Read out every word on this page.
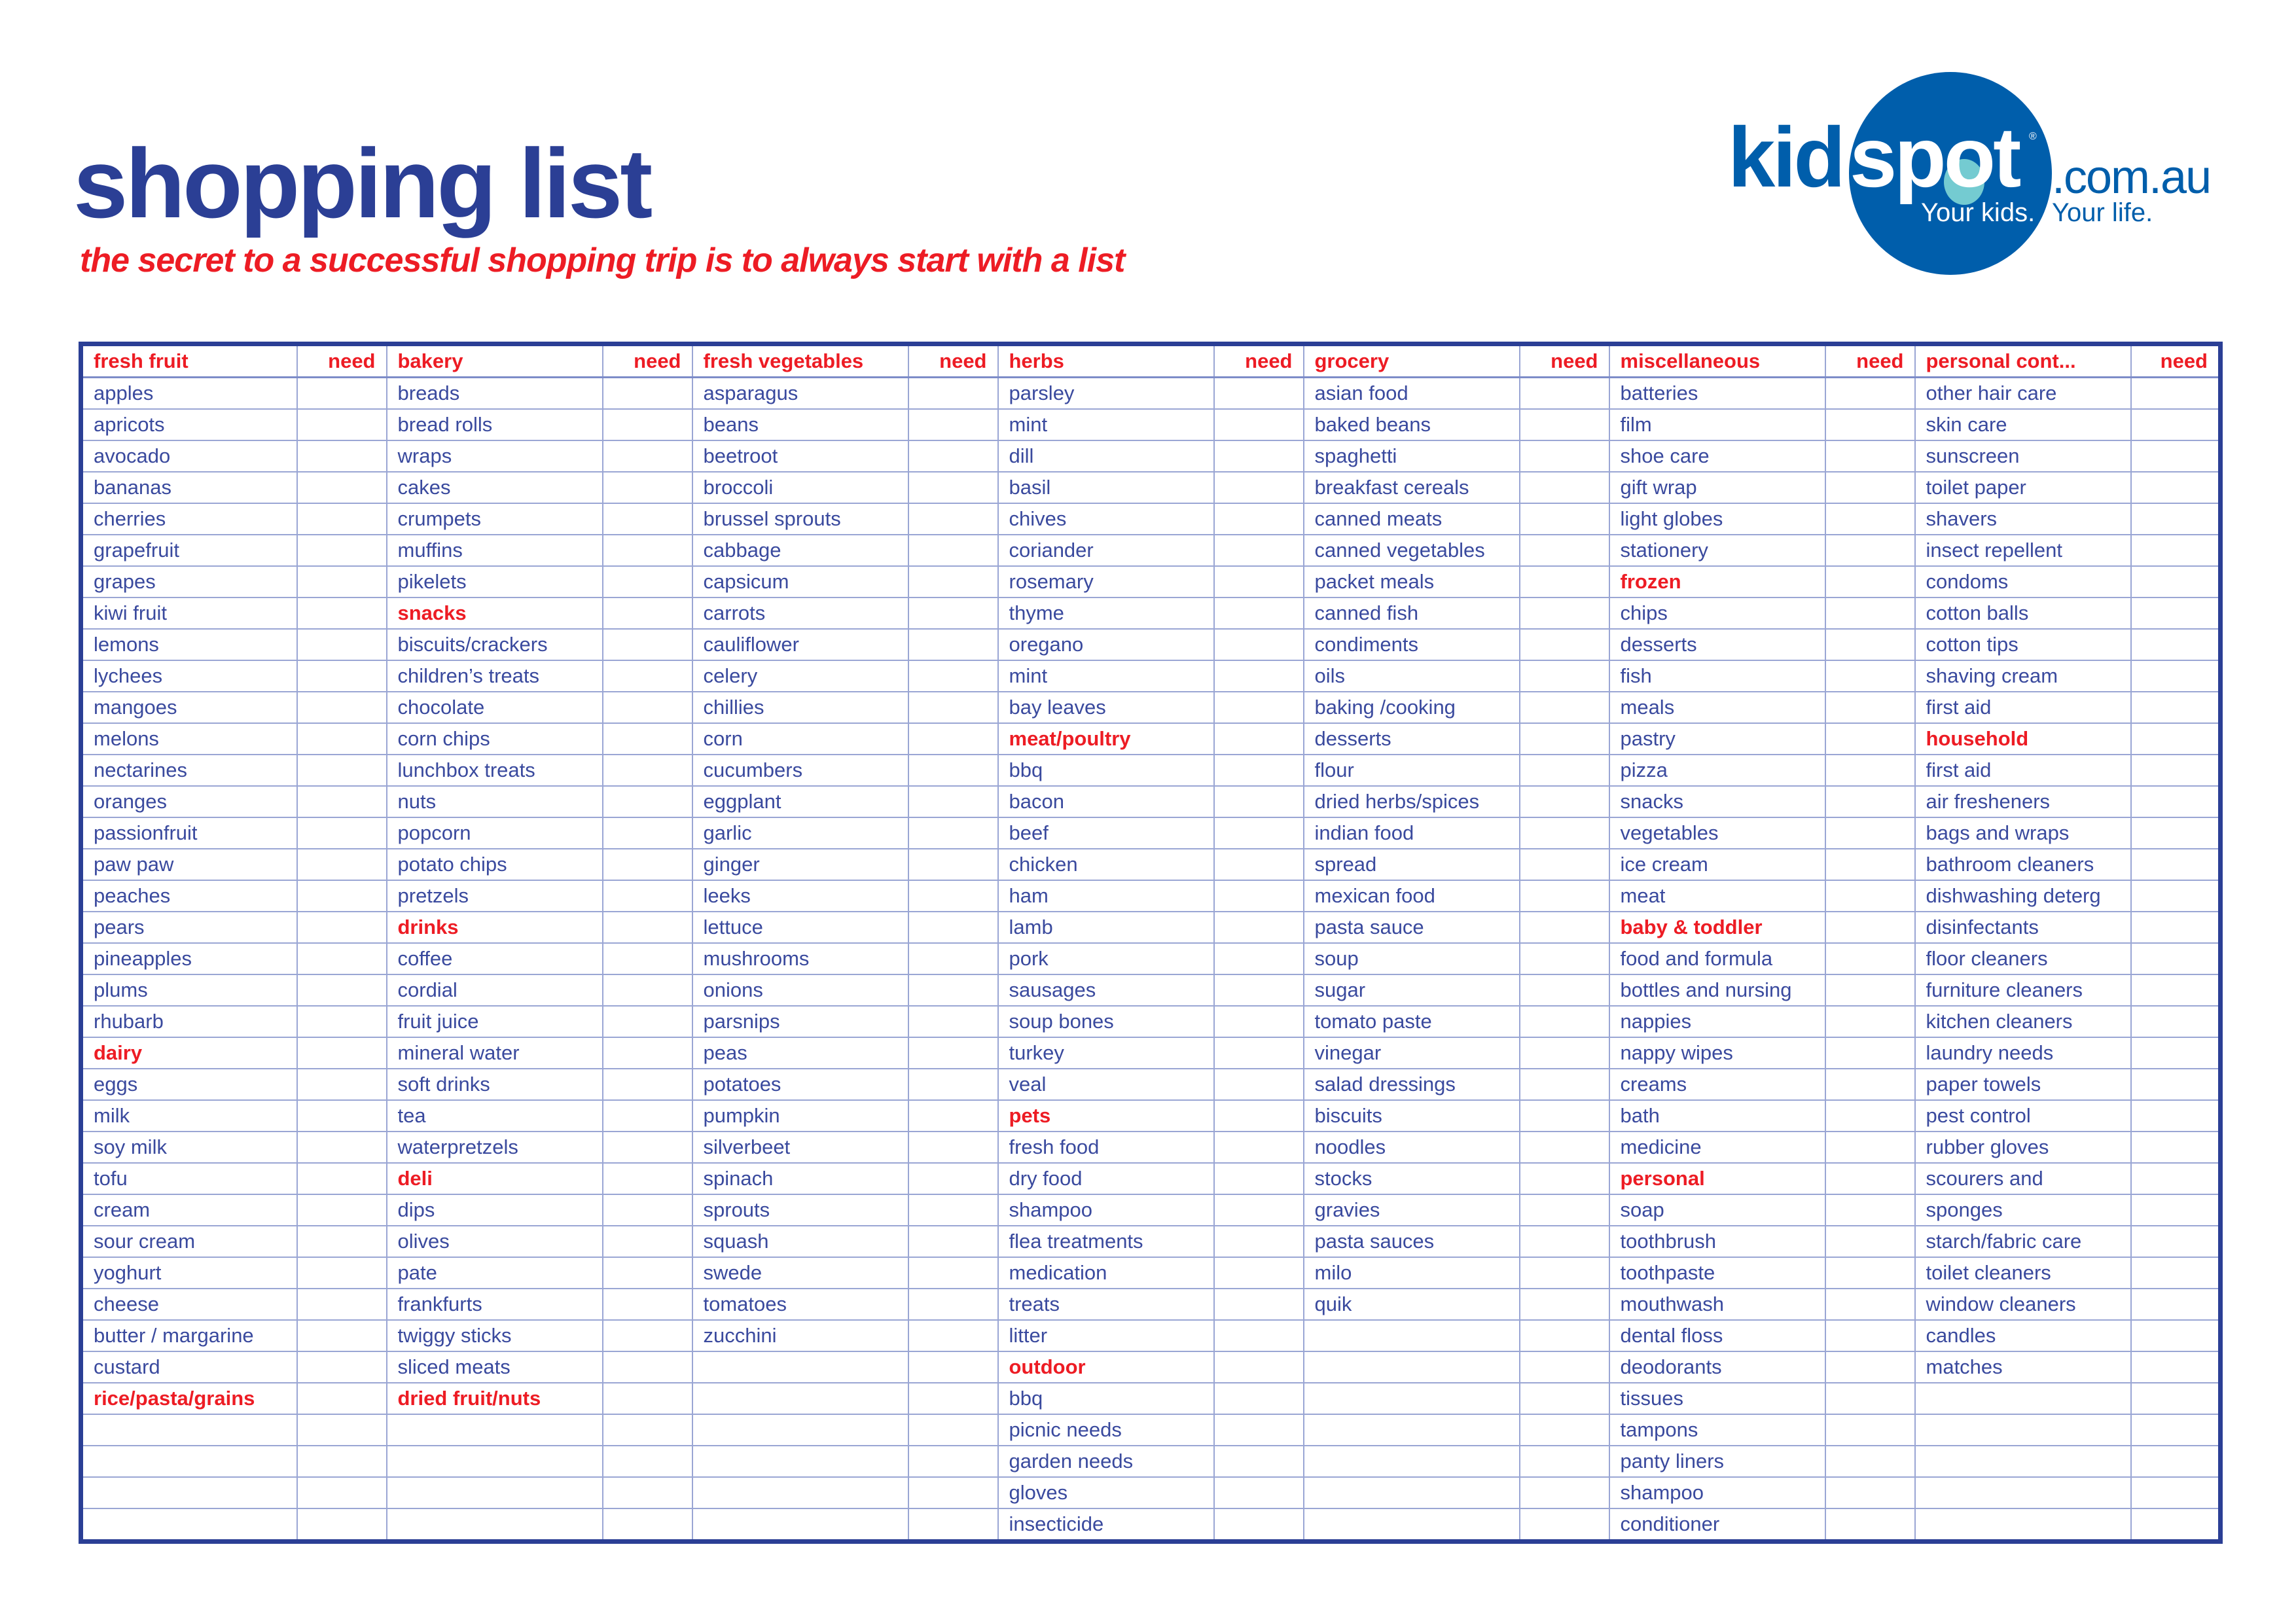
shopping list
the secret to a successful shopping trip is to always start with a list
kid spot ®
.com.au
Your kids. Your life.
fresh fruit	need	bakery	need	fresh vegetables	need	herbs	need	grocery	need	miscellaneous	need	personal cont...	need
apples		breads		asparagus		parsley		asian food		batteries		other hair care	
apricots		bread rolls		beans		mint		baked beans		film		skin care	
avocado		wraps		beetroot		dill		spaghetti		shoe care		sunscreen	
bananas		cakes		broccoli		basil		breakfast cereals		gift wrap		toilet paper	
cherries		crumpets		brussel sprouts		chives		canned meats		light globes		shavers	
grapefruit		muffins		cabbage		coriander		canned vegetables		stationery		insect repellent	
grapes		pikelets		capsicum		rosemary		packet meals		frozen		condoms	
kiwi fruit		snacks		carrots		thyme		canned fish		chips		cotton balls	
lemons		biscuits/crackers		cauliflower		oregano		condiments		desserts		cotton tips	
lychees		children’s treats		celery		mint		oils		fish		shaving cream	
mangoes		chocolate		chillies		bay leaves		baking /cooking		meals		first aid	
melons		corn chips		corn		meat/poultry		desserts		pastry		household	
nectarines		lunchbox treats		cucumbers		bbq		flour		pizza		first aid	
oranges		nuts		eggplant		bacon		dried herbs/spices		snacks		air fresheners	
passionfruit		popcorn		garlic		beef		indian food		vegetables		bags and wraps	
paw paw		potato chips		ginger		chicken		spread		ice cream		bathroom cleaners	
peaches		pretzels		leeks		ham		mexican food		meat		dishwashing deterg	
pears		drinks		lettuce		lamb		pasta sauce		baby & toddler		disinfectants	
pineapples		coffee		mushrooms		pork		soup		food and formula		floor cleaners	
plums		cordial		onions		sausages		sugar		bottles and nursing		furniture cleaners	
rhubarb		fruit juice		parsnips		soup bones		tomato paste		nappies		kitchen cleaners	
dairy		mineral water		peas		turkey		vinegar		nappy wipes		laundry needs	
eggs		soft drinks		potatoes		veal		salad dressings		creams		paper towels	
milk		tea		pumpkin		pets		biscuits		bath		pest control	
soy milk		waterpretzels		silverbeet		fresh food		noodles		medicine		rubber gloves	
tofu		deli		spinach		dry food		stocks		personal		scourers and	
cream		dips		sprouts		shampoo		gravies		soap		sponges	
sour cream		olives		squash		flea treatments		pasta sauces		toothbrush		starch/fabric care	
yoghurt		pate		swede		medication		milo		toothpaste		toilet cleaners	
cheese		frankfurts		tomatoes		treats		quik		mouthwash		window cleaners	
butter / margarine		twiggy sticks		zucchini		litter				dental floss		candles	
custard		sliced meats				outdoor				deodorants		matches	
rice/pasta/grains		dried fruit/nuts				bbq				tissues			
						picnic needs				tampons			
						garden needs				panty liners			
						gloves				shampoo			
						insecticide				conditioner			
